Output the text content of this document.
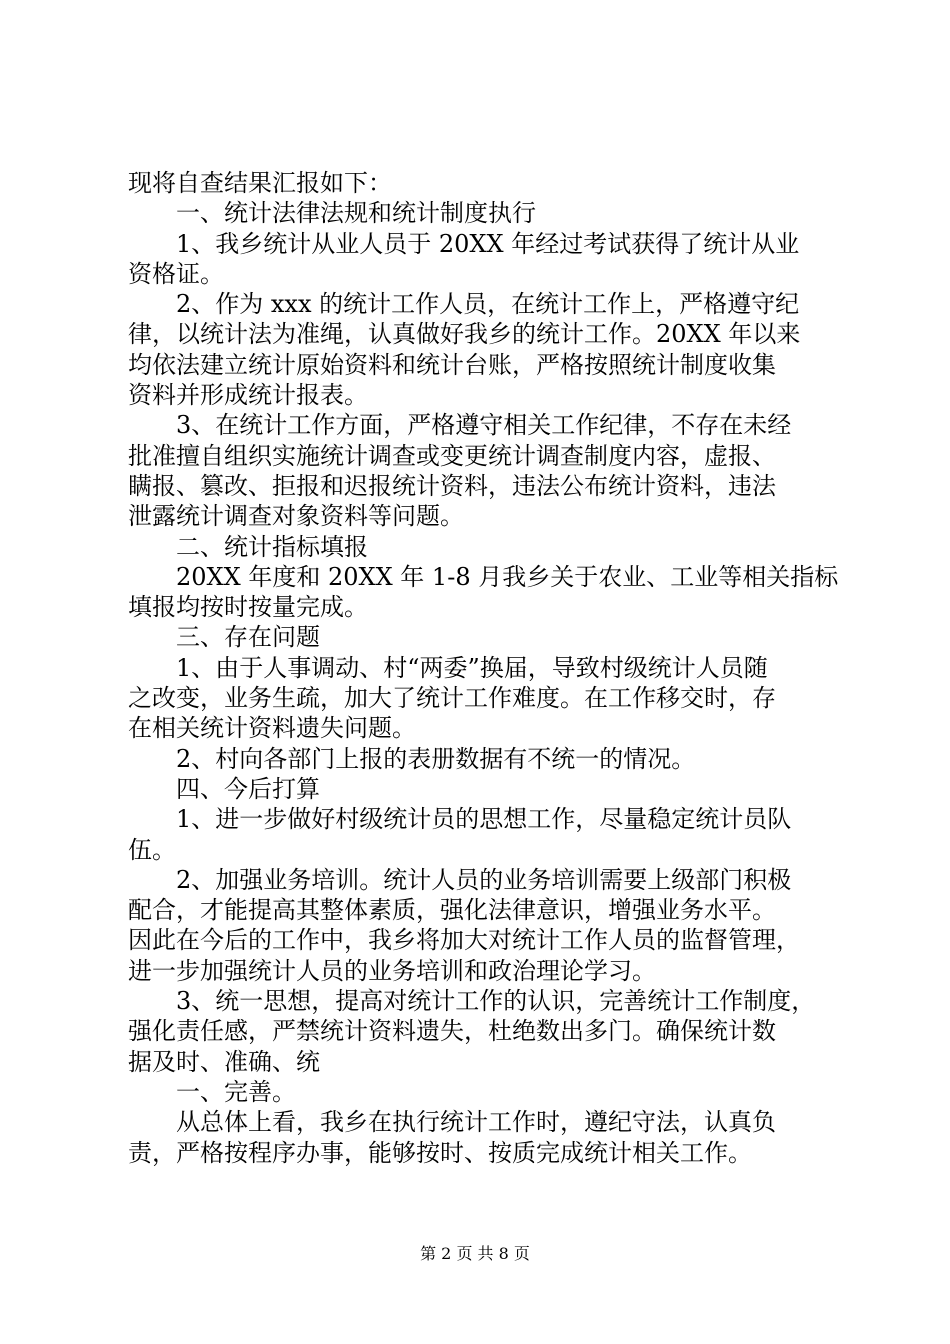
现将自查结果汇报如下：
一、统计法律法规和统计制度执行
1、我乡统计从业人员于 20XX 年经过考试获得了统计从业
资格证。
2、作为 xxx 的统计工作人员，在统计工作上，严格遵守纪
律，以统计法为准绳，认真做好我乡的统计工作。20XX 年以来
均依法建立统计原始资料和统计台账，严格按照统计制度收集
资料并形成统计报表。
3、在统计工作方面，严格遵守相关工作纪律，不存在未经
批准擅自组织实施统计调查或变更统计调查制度内容，虚报、
瞒报、篡改、拒报和迟报统计资料，违法公布统计资料，违法
泄露统计调查对象资料等问题。
二、统计指标填报
20XX 年度和 20XX 年 1-8 月我乡关于农业、工业等相关指标
填报均按时按量完成。
三、存在问题
1、由于人事调动、村“两委”换届，导致村级统计人员随
之改变，业务生疏，加大了统计工作难度。在工作移交时，存
在相关统计资料遗失问题。
2、村向各部门上报的表册数据有不统一的情况。
四、今后打算
1、进一步做好村级统计员的思想工作，尽量稳定统计员队
伍。
2、加强业务培训。统计人员的业务培训需要上级部门积极
配合，才能提高其整体素质，强化法律意识，增强业务水平。
因此在今后的工作中，我乡将加大对统计工作人员的监督管理，
进一步加强统计人员的业务培训和政治理论学习。
3、统一思想，提高对统计工作的认识，完善统计工作制度，
强化责任感，严禁统计资料遗失，杜绝数出多门。确保统计数
据及时、准确、统
一、完善。
从总体上看，我乡在执行统计工作时，遵纪守法，认真负
责，严格按程序办事，能够按时、按质完成统计相关工作。
第 2 页 共 8 页
